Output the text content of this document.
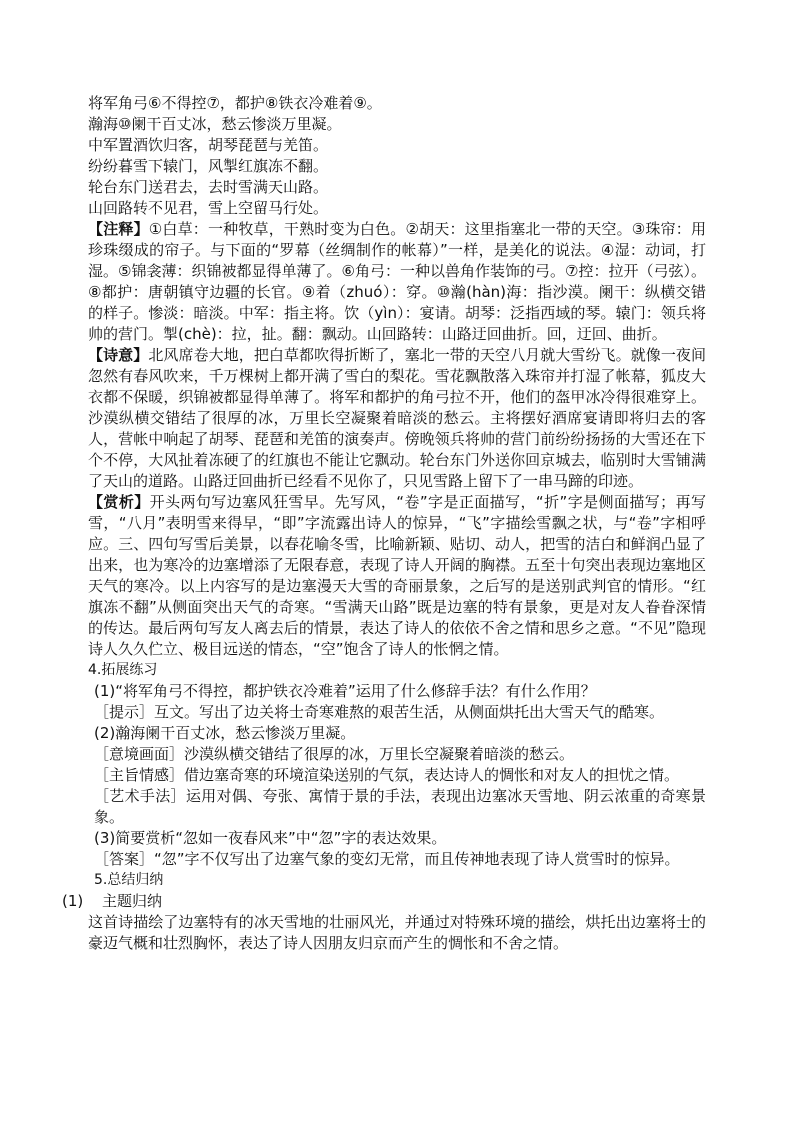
将军角弓⑥不得控⑦，都护⑧铁衣冷难着⑨。

瀚海⑩阑干百丈冰，愁云惨淡万里凝。

中军置酒饮归客，胡琴琵琶与羌笛。

纷纷暮雪下辕门，风掣红旗冻不翻。

轮台东门送君去，去时雪满天山路。

山回路转不见君，雪上空留马行处。

【注释】①白草：一种牧草，干熟时变为白色。②胡天：这里指塞北一带的天空。③珠帘：用珍珠缀成的帘子。与下面的“罗幕（丝绸制作的帐幕）”一样，是美化的说法。④湿：动词，打湿。⑤锦衾薄：织锦被都显得单薄了。⑥角弓：一种以兽角作装饰的弓。⑦控：拉开（弓弦）。⑧都护：唐朝镇守边疆的长官。⑨着（zhuó）：穿。⑩瀚(hàn)海：指沙漠。阑干：纵横交错的样子。惨淡：暗淡。中军：指主将。饮（yìn）：宴请。胡琴：泛指西域的琴。辕门：领兵将帅的营门。掣(chè)：拉，扯。翻：飘动。山回路转：山路迂回曲折。回，迂回、曲折。

【诗意】北风席卷大地，把白草都吹得折断了，塞北一带的天空八月就大雪纷飞。就像一夜间忽然有春风吹来，千万棵树上都开满了雪白的梨花。雪花飘散落入珠帘并打湿了帐幕，狐皮大衣都不保暖，织锦被都显得单薄了。将军和都护的角弓拉不开，他们的盔甲冰冷得很难穿上。沙漠纵横交错结了很厚的冰，万里长空凝聚着暗淡的愁云。主将摆好酒席宴请即将归去的客人，营帐中响起了胡琴、琵琶和羌笛的演奏声。傍晚领兵将帅的营门前纷纷扬扬的大雪还在下个不停，大风扯着冻硬了的红旗也不能让它飘动。轮台东门外送你回京城去，临别时大雪铺满了天山的道路。山路迂回曲折已经看不见你了，只见雪路上留下了一串马蹄的印迹。

【赏析】开头两句写边塞风狂雪早。先写风，“卷”字是正面描写，“折”字是侧面描写；再写雪，“八月”表明雪来得早，“即”字流露出诗人的惊异，“飞”字描绘雪飘之状，与“卷”字相呼应。三、四句写雪后美景，以春花喻冬雪，比喻新颖、贴切、动人，把雪的洁白和鲜润凸显了出来，也为寒冷的边塞增添了无限春意，表现了诗人开阔的胸襟。五至十句突出表现边塞地区天气的寒冷。以上内容写的是边塞漫天大雪的奇丽景象，之后写的是送别武判官的情形。“红旗冻不翻”从侧面突出天气的奇寒。“雪满天山路”既是边塞的特有景象，更是对友人眷眷深情的传达。最后两句写友人离去后的情景，表达了诗人的依依不舍之情和思乡之意。“不见”隐现诗人久久伫立、极目远送的情态，“空”饱含了诗人的怅惘之情。

4.拓展练习

(1)“将军角弓不得控，都护铁衣冷难着”运用了什么修辞手法？有什么作用？

［提示］互文。写出了边关将士奇寒难熬的艰苦生活，从侧面烘托出大雪天气的酷寒。

(2)瀚海阑干百丈冰，愁云惨淡万里凝。

［意境画面］沙漠纵横交错结了很厚的冰，万里长空凝聚着暗淡的愁云。

［主旨情感］借边塞奇寒的环境渲染送别的气氛，表达诗人的惆怅和对友人的担忧之情。

［艺术手法］运用对偶、夸张、寓情于景的手法，表现出边塞冰天雪地、阴云浓重的奇寒景象。

(3)简要赏析“忽如一夜春风来”中“忽”字的表达效果。

［答案］“忽”字不仅写出了边塞气象的变幻无常，而且传神地表现了诗人赏雪时的惊异。

5.总结归纳

(1) 主题归纳

这首诗描绘了边塞特有的冰天雪地的壮丽风光，并通过对特殊环境的描绘，烘托出边塞将士的豪迈气概和壮烈胸怀，表达了诗人因朋友归京而产生的惆怅和不舍之情。
